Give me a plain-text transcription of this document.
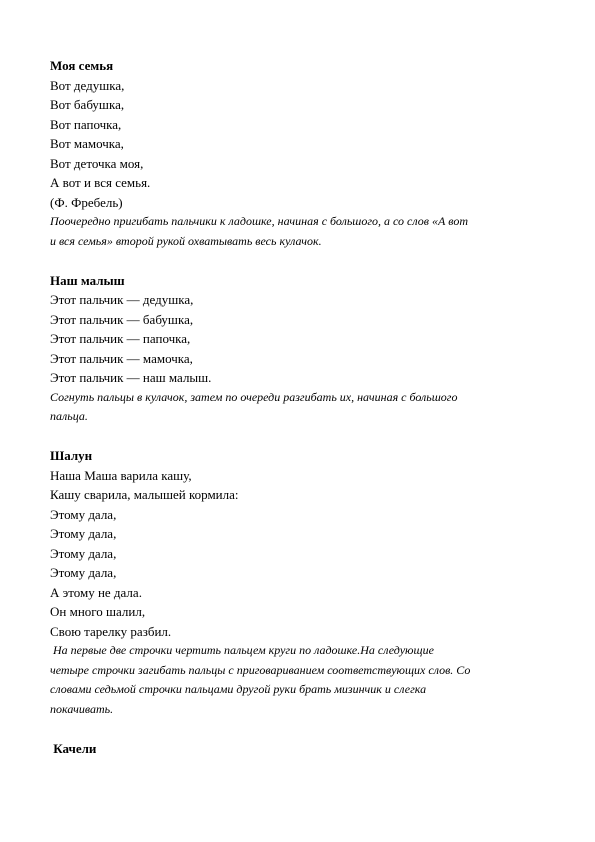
Моя семья
Вот дедушка,
Вот бабушка,
Вот папочка,
Вот мамочка,
Вот деточка моя,
А вот и вся семья.
(Ф. Фребель)
Поочередно пригибать пальчики к ладошке, начиная с большого, а со слов «А вот
и вся семья» второй рукой охватывать весь кулачок.
Наш малыш
Этот пальчик — дедушка,
Этот пальчик — бабушка,
Этот пальчик — папочка,
Этот пальчик — мамочка,
Этот пальчик — наш малыш.
Согнуть пальцы в кулачок, затем по очереди разгибать их, начиная с большого
пальца.
Шалун
Наша Маша варила кашу,
Кашу сварила, малышей кормила:
Этому дала,
Этому дала,
Этому дала,
Этому дала,
А этому не дала.
Он много шалил,
Свою тарелку разбил.
На первые две строчки чертить пальцем круги по ладошке.На следующие
четыре строчки загибать пальцы с приговариванием соответствующих слов. Со
словами седьмой строчки пальцами другой руки брать мизинчик и слегка
покачивать.
Качели
